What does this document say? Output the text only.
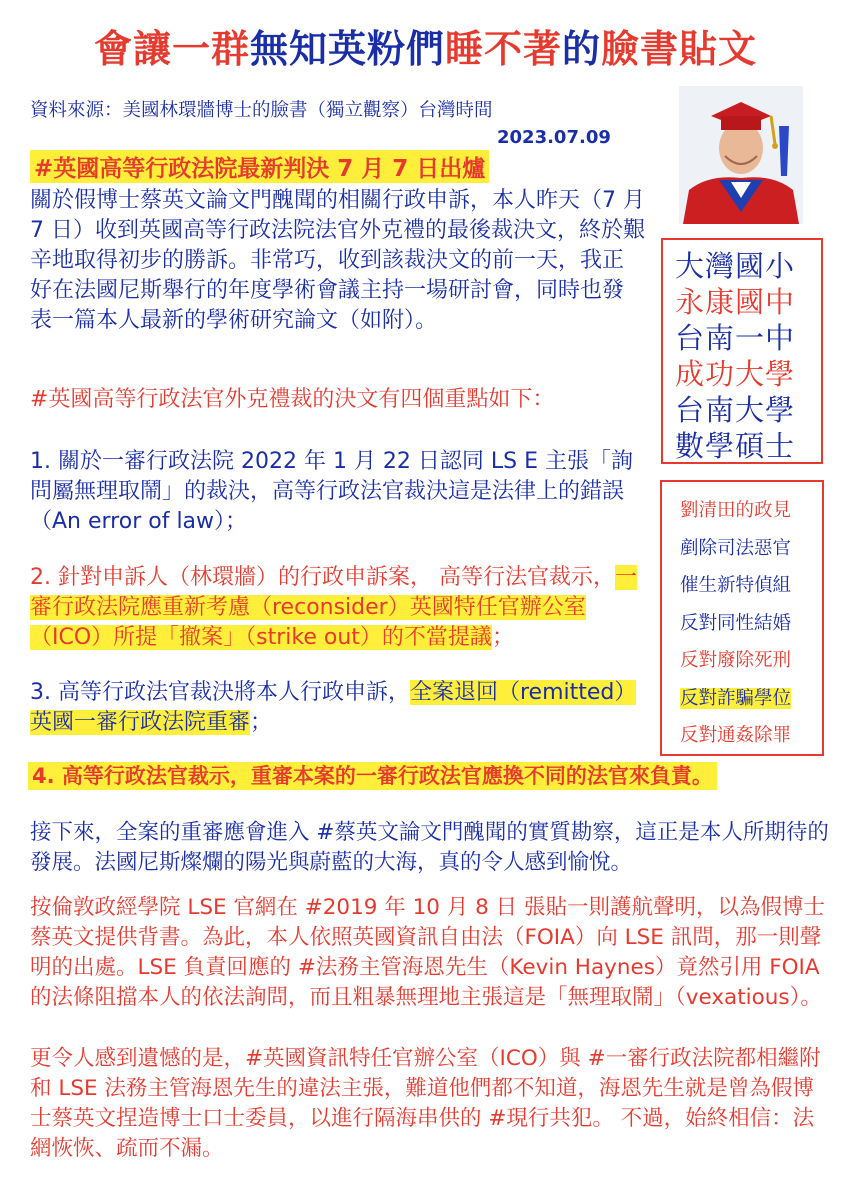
會讓一群無知英粉們睡不著的臉書貼文
資料來源：美國林環牆博士的臉書（獨立觀察）台灣時間
2023.07.09
#英國高等行政法院最新判決 7 月 7 日出爐
關於假博士蔡英文論文門醜聞的相關行政申訴，本人昨天（7 月 7 日）收到英國高等行政法院法官外克禮的最後裁決文，終於艱辛地取得初步的勝訴。非常巧，收到該裁決文的前一天，我正好在法國尼斯舉行的年度學術會議主持一場研討會，同時也發表一篇本人最新的學術研究論文（如附）。
#英國高等行政法官外克禮裁的決文有四個重點如下：
1. 關於一審行政法院 2022 年 1 月 22 日認同 LS E 主張「詢問屬無理取鬧」的裁決，高等行政法官裁決這是法律上的錯誤（An error of law）；
2. 針對申訴人（林環牆）的行政申訴案， 高等行法官裁示，一審行政法院應重新考慮（reconsider）英國特任官辦公室（ICO）所提「撤案」（strike out）的不當提議；
3. 高等行政法官裁決將本人行政申訴，全案退回（remitted）英國一審行政法院重審；
4. 高等行政法官裁示，重審本案的一審行政法官應換不同的法官來負責。
接下來，全案的重審應會進入 #蔡英文論文門醜聞的實質勘察，這正是本人所期待的發展。法國尼斯燦爛的陽光與蔚藍的大海，真的令人感到愉悅。
按倫敦政經學院 LSE 官網在 #2019 年 10 月 8 日 張貼一則護航聲明，以為假博士蔡英文提供背書。為此，本人依照英國資訊自由法（FOIA）向 LSE 訊問，那一則聲明的出處。LSE 負責回應的 #法務主管海恩先生（Kevin Haynes）竟然引用 FOIA 的法條阻擋本人的依法詢問，而且粗暴無理地主張這是「無理取鬧」（vexatious）。
更令人感到遺憾的是，#英國資訊特任官辦公室（ICO）與 #一審行政法院都相繼附和 LSE 法務主管海恩先生的違法主張，難道他們都不知道，海恩先生就是曾為假博士蔡英文捏造博士口士委員，以進行隔海串供的 #現行共犯。 不過，始終相信：法網恢恢、疏而不漏。
大灣國小
永康國中
台南一中
成功大學
台南大學
數學碩士
劉清田的政見
剷除司法惡官
催生新特偵組
反對同性結婚
反對廢除死刑
反對詐騙學位
反對通姦除罪
